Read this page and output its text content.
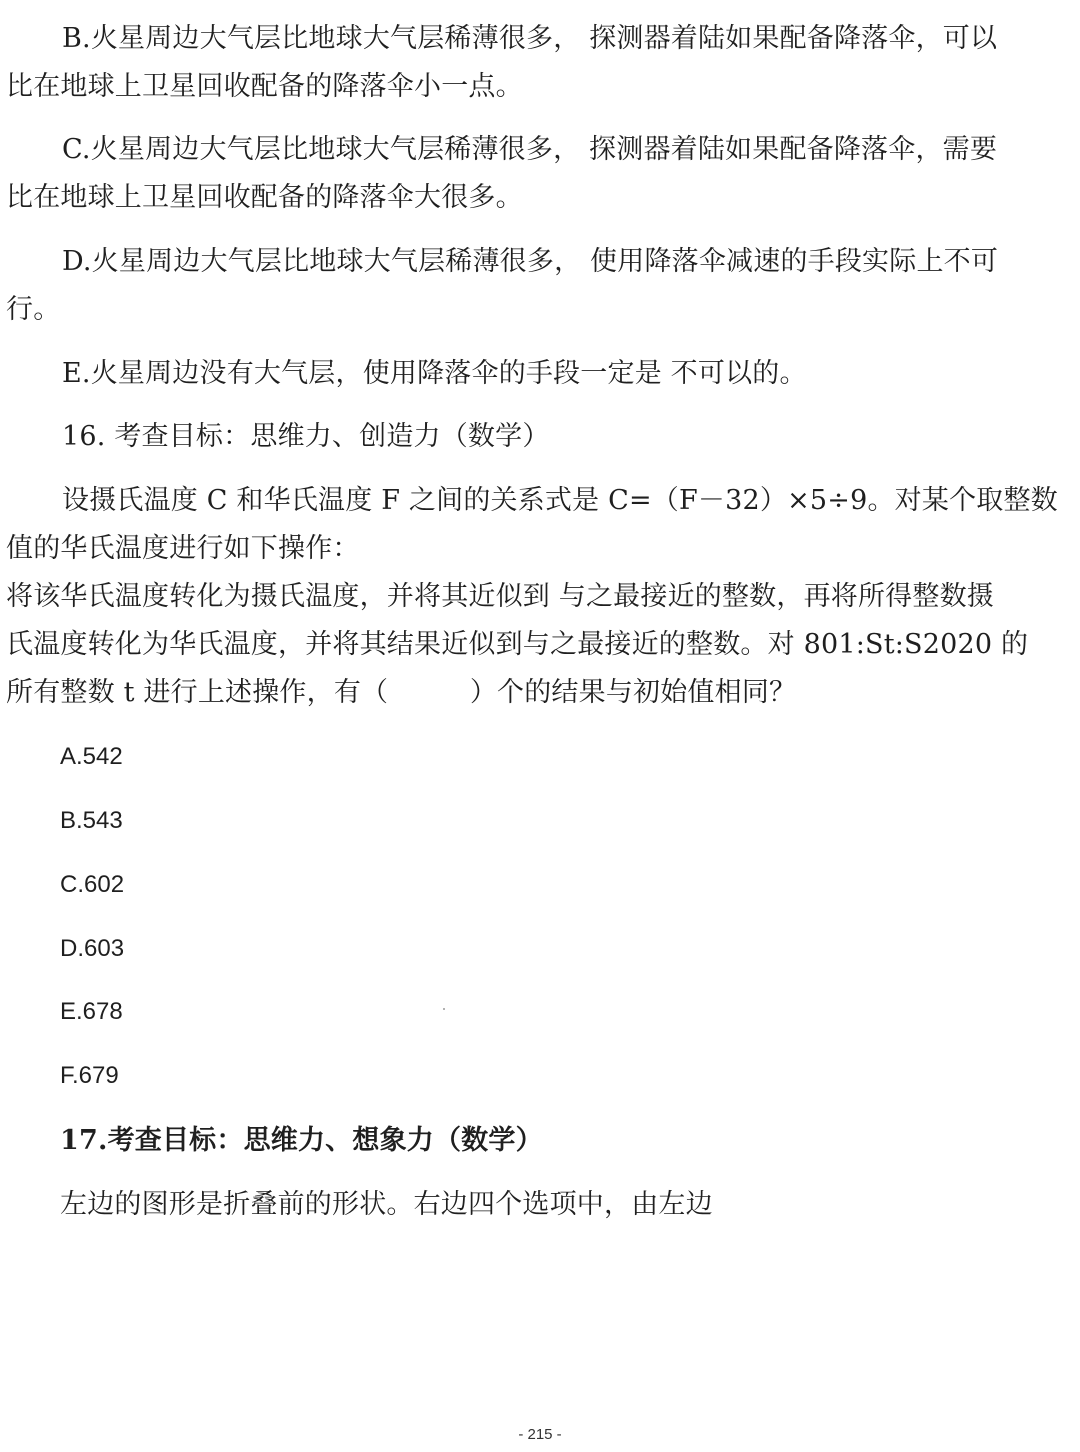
B.火星周边大气层比地球大气层稀薄很多， 探测器着陆如果配备降落伞，可以
比在地球上卫星回收配备的降落伞小一点。
C.火星周边大气层比地球大气层稀薄很多， 探测器着陆如果配备降落伞，需要
比在地球上卫星回收配备的降落伞大很多。
D.火星周边大气层比地球大气层稀薄很多， 使用降落伞减速的手段实际上不可
行。
E.火星周边没有大气层，使用降落伞的手段一定是 不可以的。
16. 考查目标：思维力、创造力（数学）
设摄氏温度 C 和华氏温度 F 之间的关系式是 C=（F－32）×5÷9。对某个取整数
值的华氏温度进行如下操作：
将该华氏温度转化为摄氏温度，并将其近似到 与之最接近的整数，再将所得整数摄
氏温度转化为华氏温度，并将其结果近似到与之最接近的整数。对 801:St:S2020 的
所有整数 t 进行上述操作，有（　　　）个的结果与初始值相同？
A.542
B.543
C.602
D.603
E.678
F.679
17.考查目标：思维力、想象力（数学）
左边的图形是折叠前的形状。右边四个选项中，由左边
- 215 -
